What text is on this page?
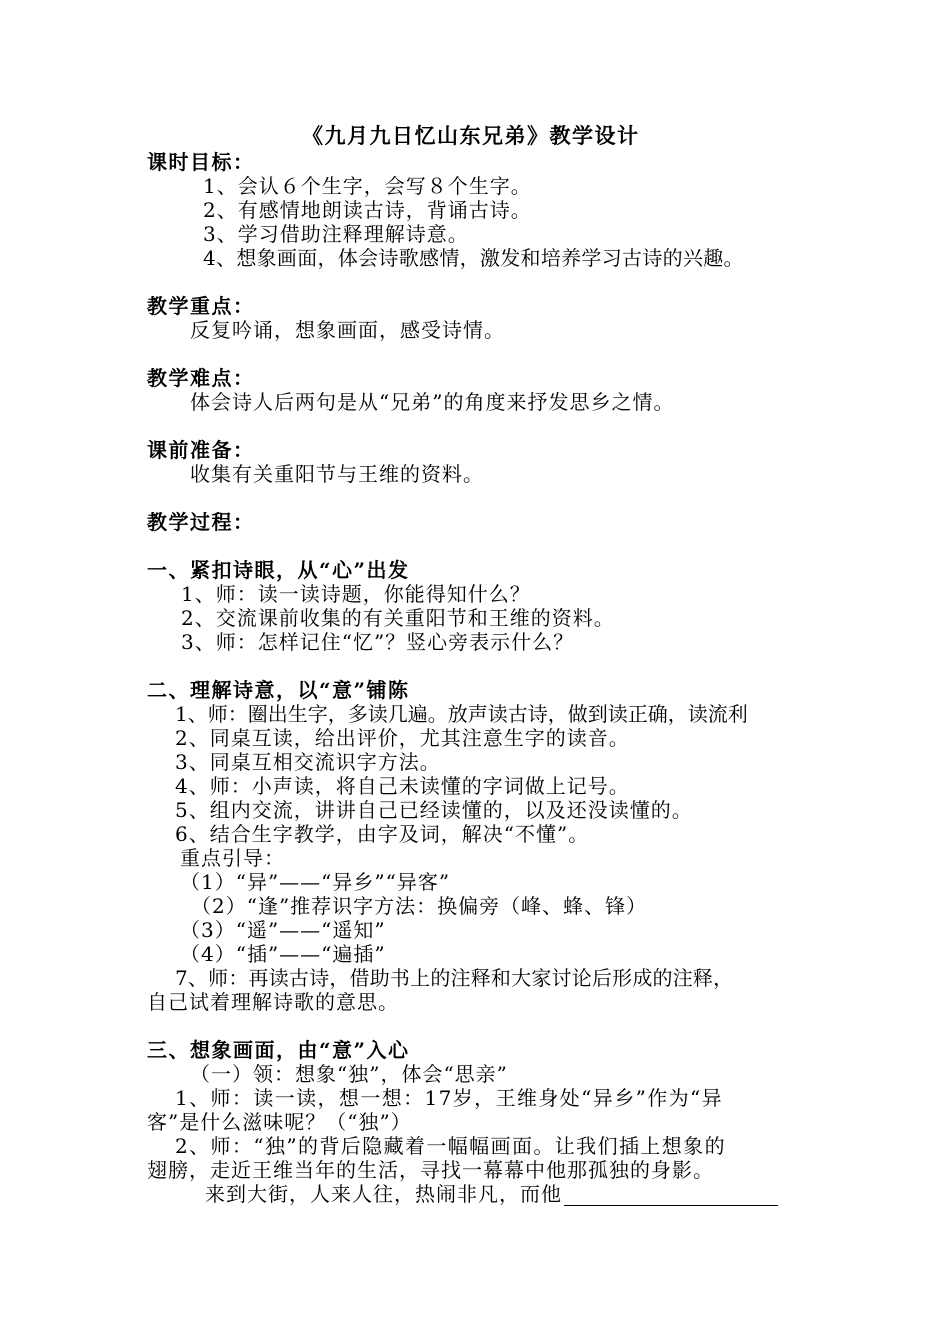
《九月九日忆山东兄弟》教学设计
课时目标：
1、会认６个生字，会写８个生字。
2、有感情地朗读古诗，背诵古诗。
3、学习借助注释理解诗意。
4、想象画面，体会诗歌感情，激发和培养学习古诗的兴趣。
教学重点：
反复吟诵，想象画面，感受诗情。
教学难点：
体会诗人后两句是从“兄弟”的角度来抒发思乡之情。
课前准备：
收集有关重阳节与王维的资料。
教学过程：
一、紧扣诗眼，从“心”出发
1、师：读一读诗题，你能得知什么？
2、交流课前收集的有关重阳节和王维的资料。
3、师：怎样记住“忆”？竖心旁表示什么？
二、理解诗意，以“意”铺陈
1、师：圈出生字，多读几遍。放声读古诗，做到读正确，读流利
2、同桌互读，给出评价，尤其注意生字的读音。
3、同桌互相交流识字方法。
4、师：小声读，将自己未读懂的字词做上记号。
5、组内交流，讲讲自己已经读懂的，以及还没读懂的。
6、结合生字教学，由字及词，解决“不懂”。
重点引导：
（1）“异”——“异乡”“异客”
（2）“逢”推荐识字方法：换偏旁（峰、蜂、锋）
（3）“遥”——“遥知”
（4）“插”——“遍插”
7、师：再读古诗，借助书上的注释和大家讨论后形成的注释，
自己试着理解诗歌的意思。
三、想象画面，由“意”入心
（一）领：想象“独”，体会“思亲”
1、师：读一读，想一想：17岁，王维身处“异乡”作为“异
客”是什么滋味呢？（“独”）
2、师：“独”的背后隐藏着一幅幅画面。让我们插上想象的
翅膀，走近王维当年的生活，寻找一幕幕中他那孤独的身影。
来到大街，人来人往，热闹非凡，而他
